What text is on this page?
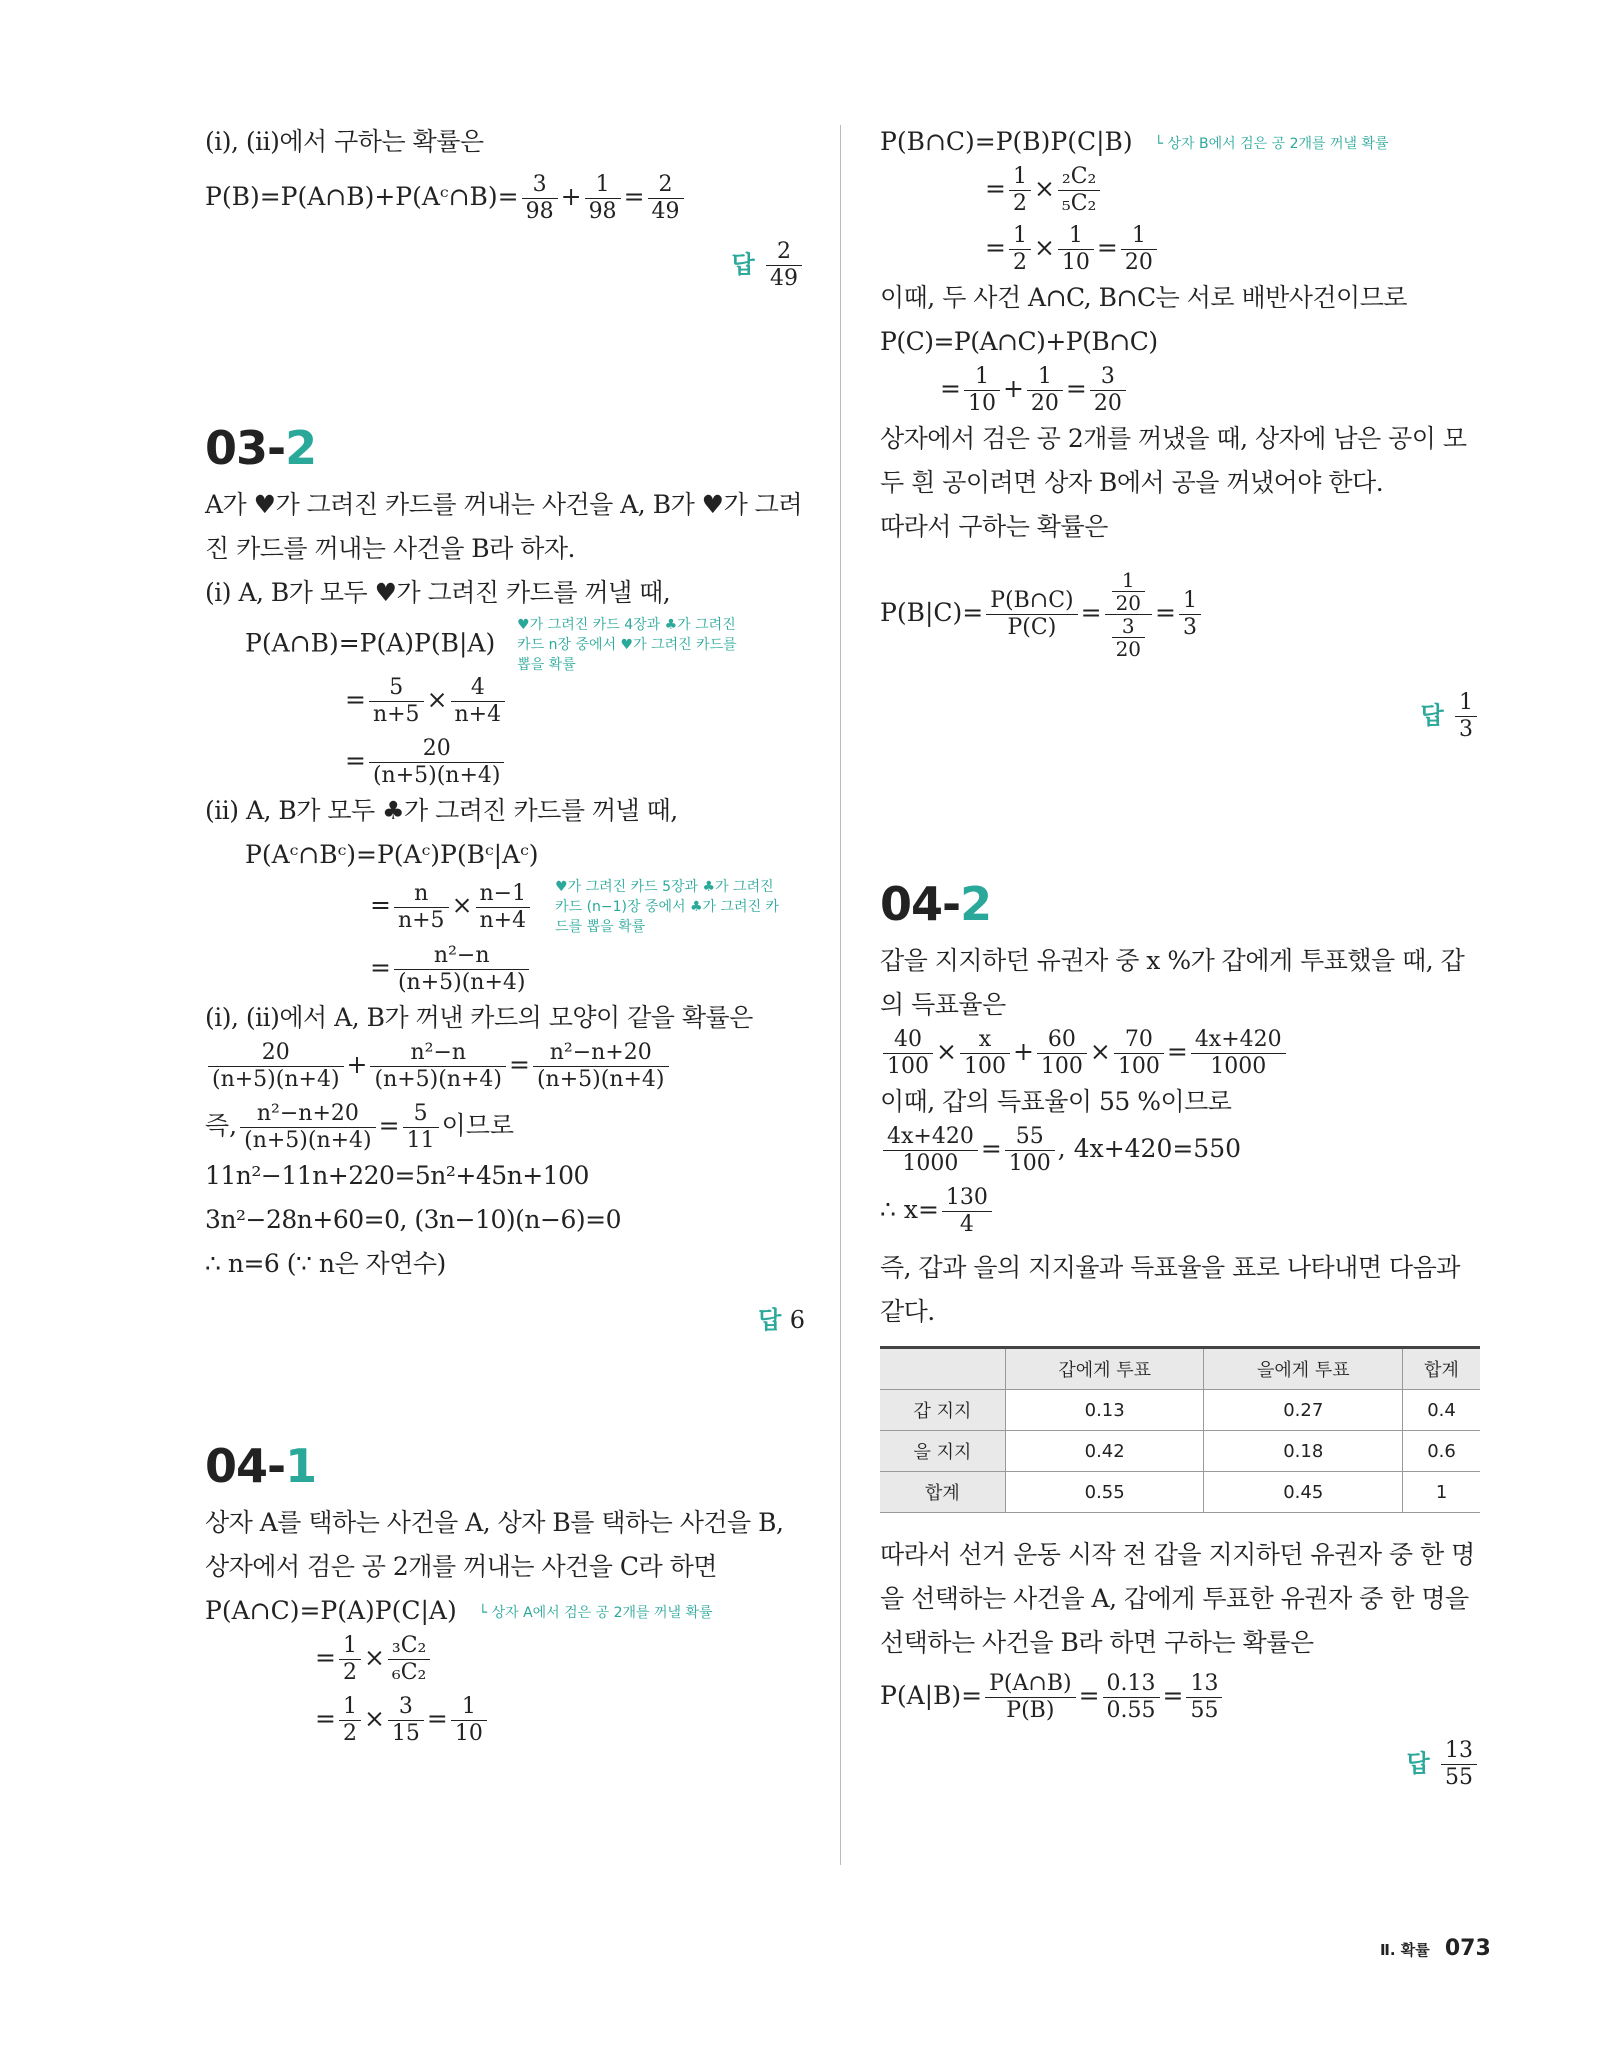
(i), (ii)에서 구하는 확률은

P(B)=P(A∩B)+P(Aᶜ∩B)= $\frac{3}{98} + \frac{1}{98} = \frac{2}{49}$
답 $\frac{2}{49}$
03-2

A가 ♥가 그려진 카드를 꺼내는 사건을 A, B가 ♥가 그려진 카드를 꺼내는 사건을 B라 하자.

(i) A, B가 모두 ♥가 그려진 카드를 꺼낼 때,

P(A∩B)=P(A)P(B|A) ♥가 그려진 카드 4장과 ♣가 그려진 카드 n장 중에서 ♥가 그려진 카드를 뽑을 확률
= $\frac{5}{n+5} \times \frac{4}{n+4}$
= $\frac{20}{(n+5)(n+4)}$

(ii) A, B가 모두 ♣가 그려진 카드를 꺼낼 때,

P(Aᶜ∩Bᶜ)=P(Aᶜ)P(Bᶜ|Aᶜ)
= $\frac{n}{n+5} \times \frac{n-1}{n+4}$ ♥가 그려진 카드 5장과 ♣가 그려진 카드 (n−1)장 중에서 ♣가 그려진 카드를 뽑을 확률
= $\frac{\text{n²−n}}{(n+5)(n+4)}$

(i), (ii)에서 A, B가 꺼낸 카드의 모양이 같을 확률은

$\frac{20}{(n+5)(n+4)} + \frac{\text{n²−n}}{(n+5)(n+4)} = \frac{\text{n²−n+20}}{(n+5)(n+4)}$
즉, $\frac{\text{n²−n+20}}{(n+5)(n+4)} = \frac{5}{11}$ 이므로

11n²−11n+220=5n²+45n+100

3n²−28n+60=0, (3n−10)(n−6)=0

∴ n=6 (∵ n은 자연수)

답 6
04-1

상자 A를 택하는 사건을 A, 상자 B를 택하는 사건을 B, 상자에서 검은 공 2개를 꺼내는 사건을 C라 하면

P(A∩C)=P(A)P(C|A) └ 상자 A에서 검은 공 2개를 꺼낼 확률
= $\frac{1}{2} \times \frac{\text{₃C₂}}{\text{₆C₂}}$
= $\frac{1}{2} \times \frac{3}{15} = \frac{1}{10}$
P(B∩C)=P(B)P(C|B) └ 상자 B에서 검은 공 2개를 꺼낼 확률
= $\frac{1}{2} \times \frac{\text{₂C₂}}{\text{₅C₂}}$
= $\frac{1}{2} \times \frac{1}{10} = \frac{1}{20}$

이때, 두 사건 A∩C, B∩C는 서로 배반사건이므로

P(C)=P(A∩C)+P(B∩C)

= $\frac{1}{10} + \frac{1}{20} = \frac{3}{20}$

상자에서 검은 공 2개를 꺼냈을 때, 상자에 남은 공이 모두 흰 공이려면 상자 B에서 공을 꺼냈어야 한다.

따라서 구하는 확률은

$P(B|C)= \frac{P(B\cap C)}{P(C)} = \frac{\frac{1}{20}}{\frac{3}{20}} = \frac{1}{3}$
답 $\frac{1}{3}$
04-2

갑을 지지하던 유권자 중 x %가 갑에게 투표했을 때, 갑의 득표율은

$\frac{40}{100} \times \frac{x}{100} + \frac{60}{100} \times \frac{70}{100} = \frac{4x+420}{1000}$

이때, 갑의 득표율이 55 %이므로

$\frac{4x+420}{1000} = \frac{55}{100}$ , 4x+420=550
∴ $x= \frac{130}{4}$

즉, 갑과 을의 지지율과 득표율을 표로 나타내면 다음과 같다.

	갑에게 투표	을에게 투표	합계
갑 지지	0.13	0.27	0.4
을 지지	0.42	0.18	0.6
합계	0.55	0.45	1

따라서 선거 운동 시작 전 갑을 지지하던 유권자 중 한 명을 선택하는 사건을 A, 갑에게 투표한 유권자 중 한 명을 선택하는 사건을 B라 하면 구하는 확률은

$P(A|B)= \frac{P(A\cap B)}{P(B)} = \frac{0.13}{0.55} = \frac{13}{55}$
답 $\frac{13}{55}$
Ⅱ. 확률 073
